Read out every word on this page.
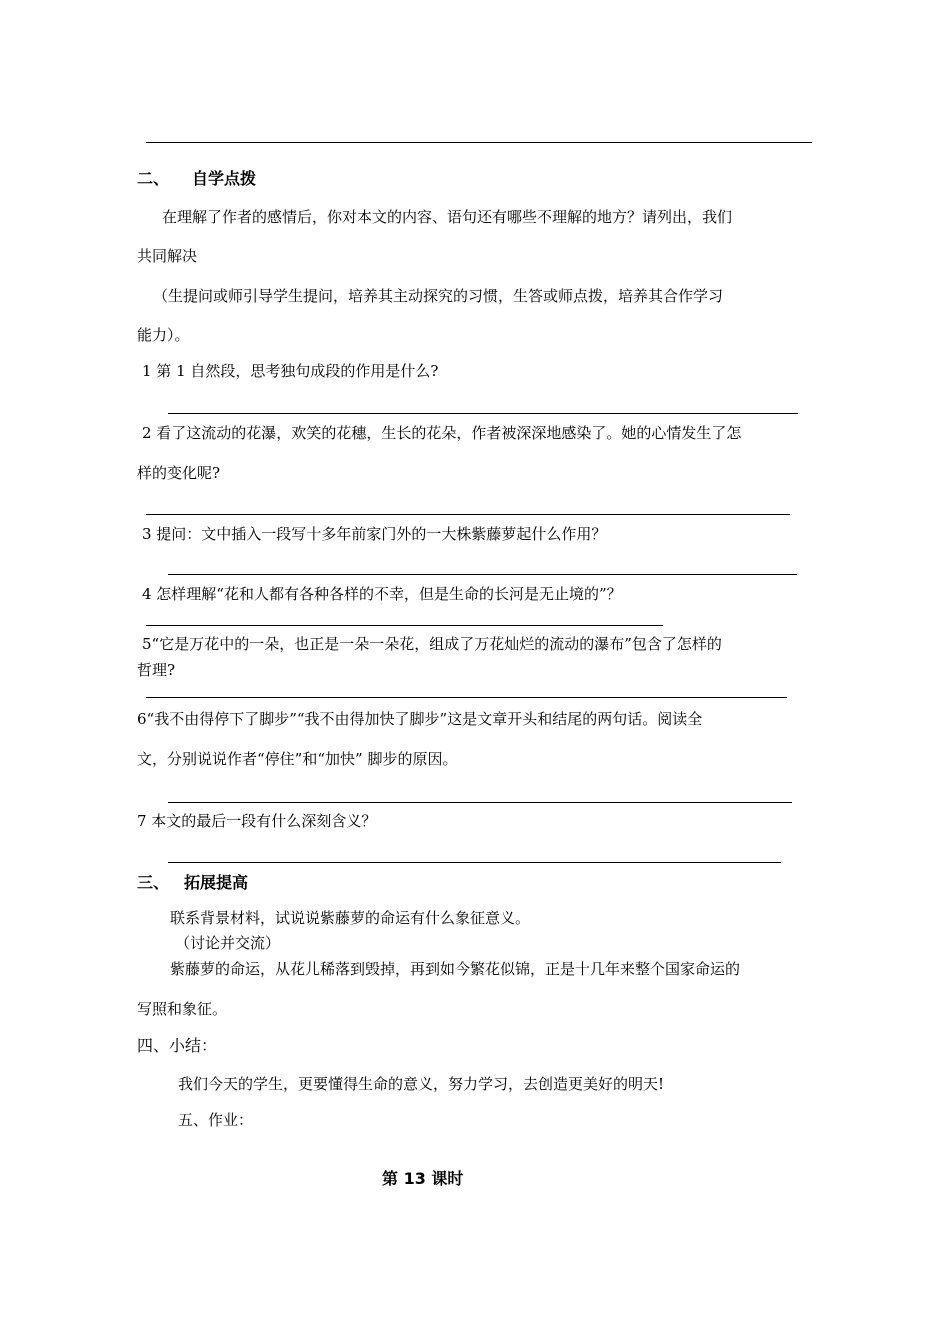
二、 自学点拨
在理解了作者的感情后，你对本文的内容、语句还有哪些不理解的地方？请列出，我们
共同解决
（生提问或师引导学生提问，培养其主动探究的习惯，生答或师点拨，培养其合作学习
能力）。
1 第 1 自然段，思考独句成段的作用是什么?
2 看了这流动的花瀑，欢笑的花穗，生长的花朵，作者被深深地感染了。她的心情发生了怎
样的变化呢?
3 提问：文中插入一段写十多年前家门外的一大株紫藤萝起什么作用？
4 怎样理解“花和人都有各种各样的不幸，但是生命的长河是无止境的”？
5“它是万花中的一朵，也正是一朵一朵花，组成了万花灿烂的流动的瀑布”包含了怎样的
哲理?
6“我不由得停下了脚步”“我不由得加快了脚步”这是文章开头和结尾的两句话。阅读全
文，分别说说作者“停住”和“加快” 脚步的原因。
7 本文的最后一段有什么深刻含义？
三、 拓展提高
联系背景材料，试说说紫藤萝的命运有什么象征意义。
（讨论并交流）
紫藤萝的命运，从花儿稀落到毁掉，再到如今繁花似锦，正是十几年来整个国家命运的
写照和象征。
四、小结：
我们今天的学生，更要懂得生命的意义，努力学习，去创造更美好的明天!
五、作业：
第 13 课时
